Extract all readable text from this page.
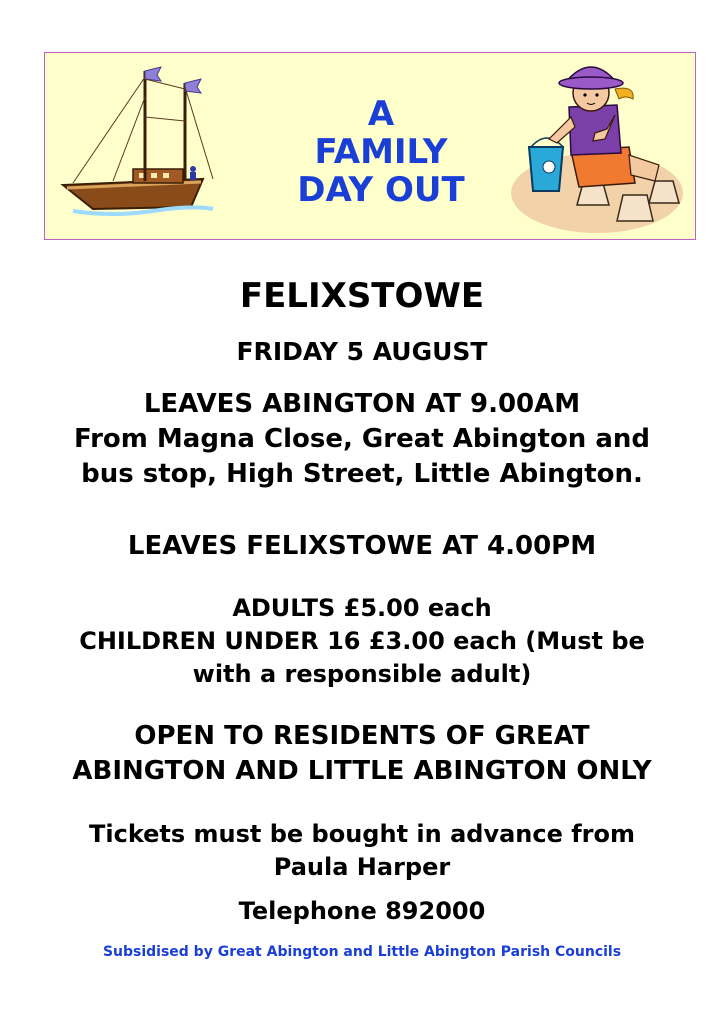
A
FAMILY
DAY OUT
FELIXSTOWE
FRIDAY 5 AUGUST
LEAVES ABINGTON AT 9.00AM
From Magna Close, Great Abington and
bus stop, High Street, Little Abington.
LEAVES FELIXSTOWE AT 4.00PM
ADULTS £5.00 each
CHILDREN UNDER 16 £3.00 each (Must be
with a responsible adult)
OPEN TO RESIDENTS OF GREAT
ABINGTON AND LITTLE ABINGTON ONLY
Tickets must be bought in advance from
Paula Harper
Telephone 892000
Subsidised by Great Abington and Little Abington Parish Councils
